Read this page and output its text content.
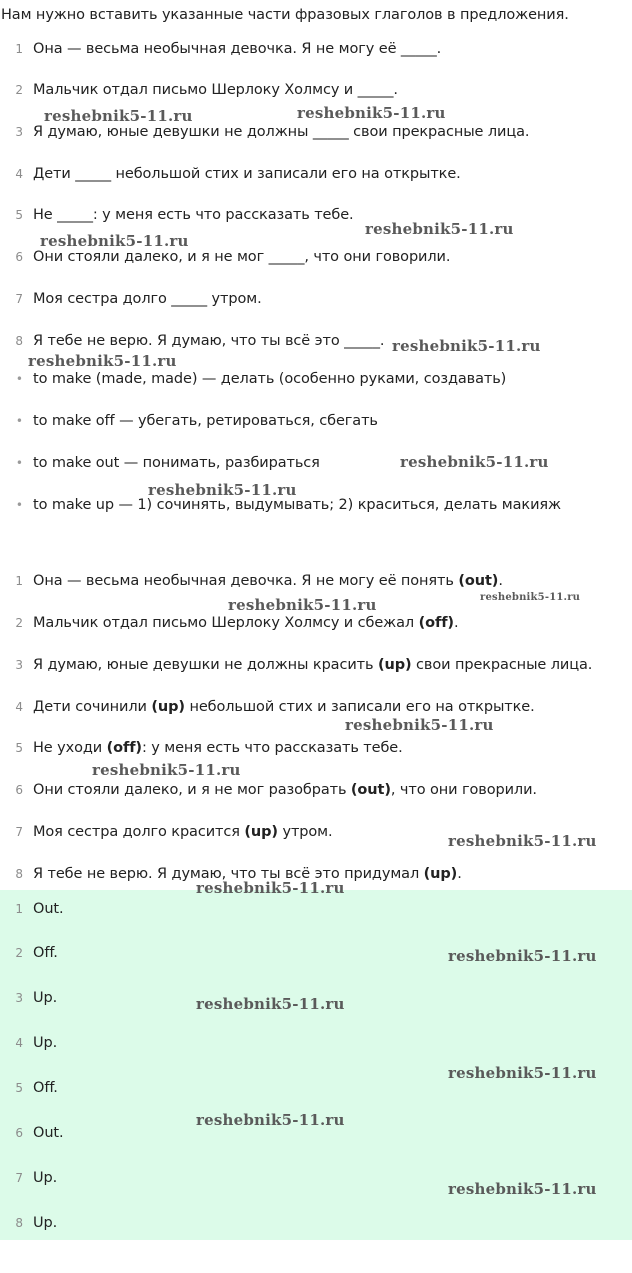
Нам нужно вставить указанные части фразовых глаголов в предложения.
1 Она — весьма необычная девочка. Я не могу её _____.
2 Мальчик отдал письмо Шерлоку Холмсу и _____.
3 Я думаю, юные девушки не должны _____ свои прекрасные лица.
4 Дети _____ небольшой стих и записали его на открытке.
5 Не _____: у меня есть что рассказать тебе.
6 Они стояли далеко, и я не мог _____, что они говорили.
7 Моя сестра долго _____ утром.
8 Я тебе не верю. Я думаю, что ты всё это _____.
• to make (made, made) — делать (особенно руками, создавать)
• to make off — убегать, ретироваться, сбегать
• to make out — понимать, разбираться
• to make up — 1) сочинять, выдумывать; 2) краситься, делать макияж
1 Она — весьма необычная девочка. Я не могу её понять (out).
2 Мальчик отдал письмо Шерлоку Холмсу и сбежал (off).
3 Я думаю, юные девушки не должны красить (up) свои прекрасные лица.
4 Дети сочинили (up) небольшой стих и записали его на открытке.
5 Не уходи (off): у меня есть что рассказать тебе.
6 Они стояли далеко, и я не мог разобрать (out), что они говорили.
7 Моя сестра долго красится (up) утром.
8 Я тебе не верю. Я думаю, что ты всё это придумал (up).
1 Out.
2 Off.
3 Up.
4 Up.
5 Off.
6 Out.
7 Up.
8 Up.
reshebnik5-11.ru	reshebnik5-11.ru
reshebnik5-11.ru
reshebnik5-11.ru
reshebnik5-11.ru
reshebnik5-11.ru
reshebnik5-11.ru
reshebnik5-11.ru
reshebnik5-11.ru
reshebnik5-11.ru
reshebnik5-11.ru
reshebnik5-11.ru
reshebnik5-11.ru
reshebnik5-11.ru
reshebnik5-11.ru
reshebnik5-11.ru
reshebnik5-11.ru
reshebnik5-11.ru
reshebnik5-11.ru
